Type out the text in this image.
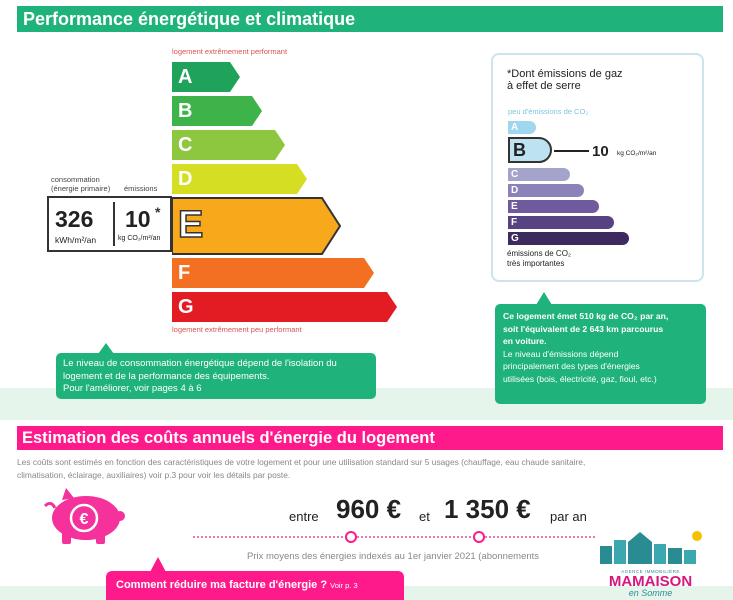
Performance énergétique et climatique
logement extrêmement performant
A
B
C
D
E
F
G
logement extrêmement peu performant
consommation
(énergie primaire) émissions
326
kWh/m²/an
10 *
kg CO₂/m²/an
Le niveau de consommation énergétique dépend de l'isolation du
logement et de la performance des équipements.
Pour l'améliorer, voir pages 4 à 6
*Dont émissions de gaz
à effet de serre
peu d'émissions de CO₂
A
B	10 kg CO₂/m²/an
C
D
E
F
G
émissions de CO₂
très importantes
Ce logement émet 510 kg de CO₂ par an,
soit l'équivalent de 2 643 km parcourus
en voiture.
Le niveau d'émissions dépend
principalement des types d'énergies
utilisées (bois, électricité, gaz, fioul, etc.)
Estimation des coûts annuels d'énergie du logement
Les coûts sont estimés en fonction des caractéristiques de votre logement et pour une utilisation standard sur 5 usages (chauffage, eau chaude sanitaire,
climatisation, éclairage, auxiliaires) voir p.3 pour voir les détails par poste.
€	entre 960 € et 1 350 € par an
Prix moyens des énergies indexés au 1er janvier 2021 (abonnements
Comment réduire ma facture d'énergie ? Voir p. 3
AGENCE IMMOBILIÈRE
MAMAISON
en Somme
